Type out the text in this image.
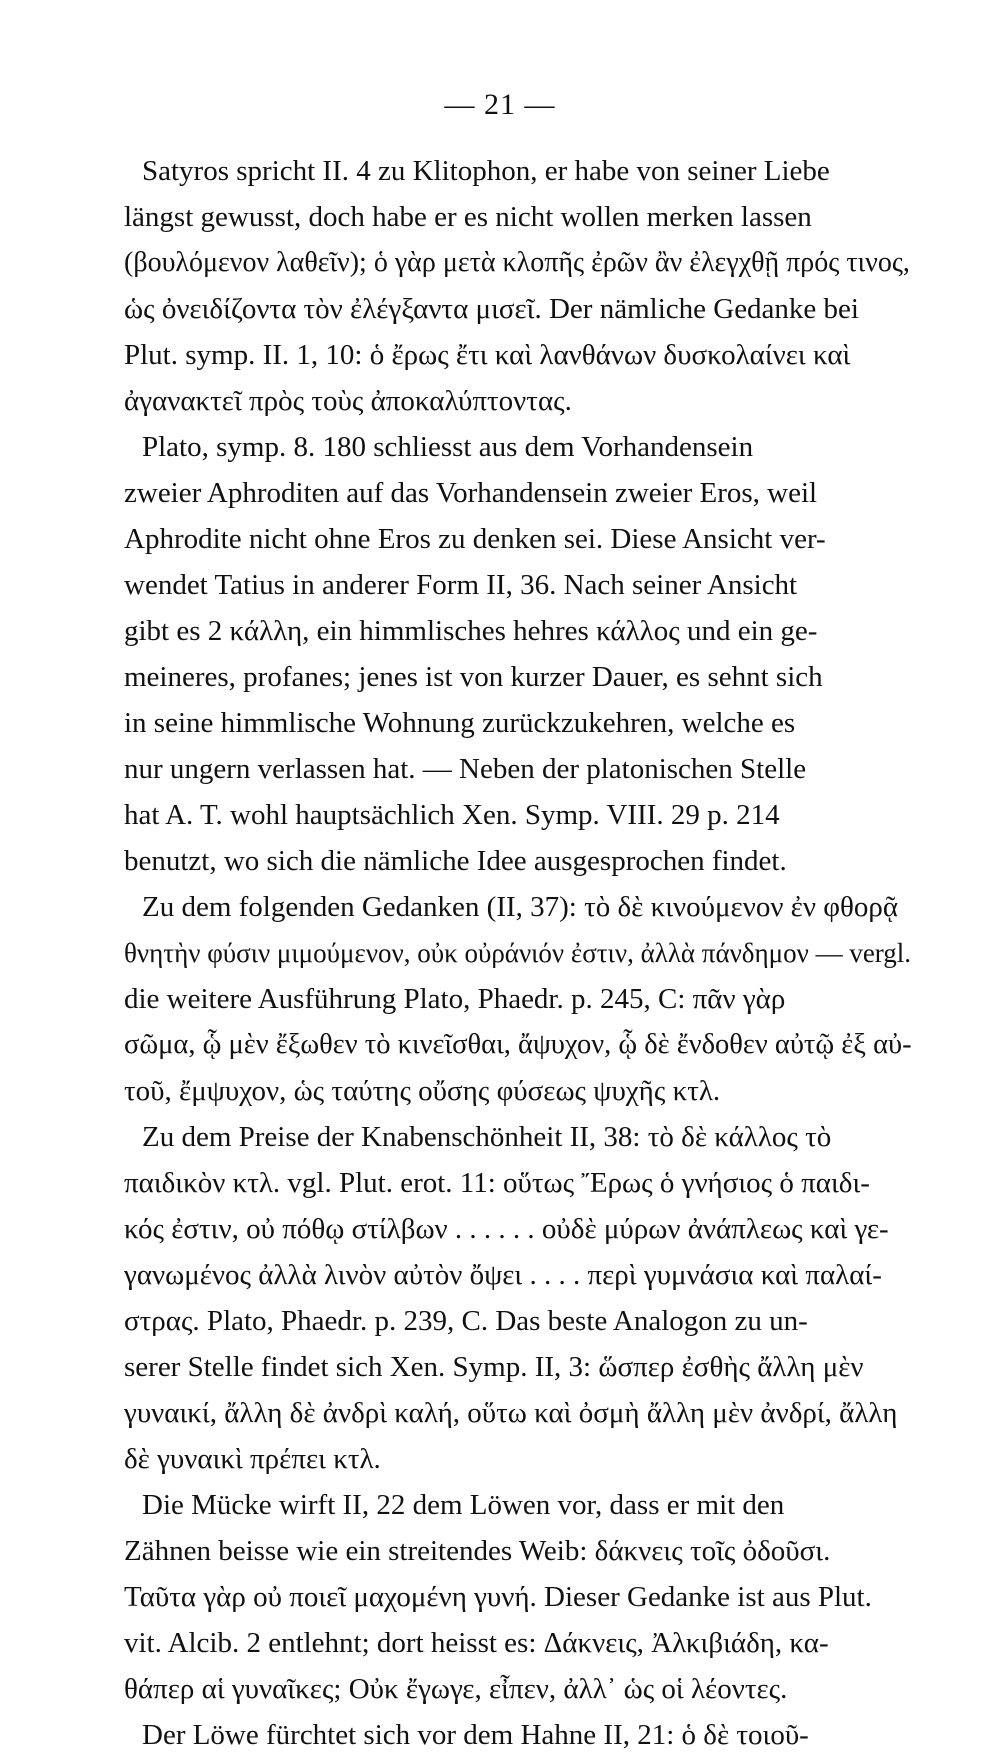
— 21 —
Satyros spricht II. 4 zu Klitophon, er habe von seiner Liebe
längst gewusst, doch habe er es nicht wollen merken lassen
(βουλόμενον λαθεῖν); ὁ γὰρ μετὰ κλοπῆς ἐρῶν ἂν ἐλεγχθῇ πρός τινος,
ὡς ὀνειδίζοντα τὸν ἐλέγξαντα μισεῖ. Der nämliche Gedanke bei
Plut. symp. II. 1, 10: ὁ ἔρως ἔτι καὶ λανθάνων δυσκολαίνει καὶ
ἀγανακτεῖ πρὸς τοὺς ἀποκαλύπτοντας.
Plato, symp. 8. 180 schliesst aus dem Vorhandensein
zweier Aphroditen auf das Vorhandensein zweier Eros, weil
Aphrodite nicht ohne Eros zu denken sei. Diese Ansicht ver-
wendet Tatius in anderer Form II, 36. Nach seiner Ansicht
gibt es 2 κάλλη, ein himmlisches hehres κάλλος und ein ge-
meineres, profanes; jenes ist von kurzer Dauer, es sehnt sich
in seine himmlische Wohnung zurückzukehren, welche es
nur ungern verlassen hat. — Neben der platonischen Stelle
hat A. T. wohl hauptsächlich Xen. Symp. VIII. 29 p. 214
benutzt, wo sich die nämliche Idee ausgesprochen findet.
Zu dem folgenden Gedanken (II, 37): τὸ δὲ κινούμενον ἐν φθορᾷ
θνητὴν φύσιν μιμούμενον, οὐκ οὐράνιόν ἐστιν, ἀλλὰ πάνδημον — vergl.
die weitere Ausführung Plato, Phaedr. p. 245, C: πᾶν γὰρ
σῶμα, ᾧ μὲν ἔξωθεν τὸ κινεῖσθαι, ἄψυχον, ᾧ δὲ ἔνδοθεν αὐτῷ ἐξ αὐ-
τοῦ, ἔμψυχον, ὡς ταύτης οὔσης φύσεως ψυχῆς κτλ.
Zu dem Preise der Knabenschönheit II, 38: τὸ δὲ κάλλος τὸ
παιδικὸν κτλ. vgl. Plut. erot. 11: οὕτως Ἔρως ὁ γνήσιος ὁ παιδι-
κός ἐστιν, οὐ πόθῳ στίλβων . . . . . . οὐδὲ μύρων ἀνάπλεως καὶ γε-
γανωμένος ἀλλὰ λινὸν αὐτὸν ὄψει . . . . περὶ γυμνάσια καὶ παλαί-
στρας. Plato, Phaedr. p. 239, C. Das beste Analogon zu un-
serer Stelle findet sich Xen. Symp. II, 3: ὥσπερ ἐσθὴς ἄλλη μὲν
γυναικί, ἄλλη δὲ ἀνδρὶ καλή, οὕτω καὶ ὀσμὴ ἄλλη μὲν ἀνδρί, ἄλλη
δὲ γυναικὶ πρέπει κτλ.
Die Mücke wirft II, 22 dem Löwen vor, dass er mit den
Zähnen beisse wie ein streitendes Weib: δάκνεις τοῖς ὀδοῦσι.
Ταῦτα γὰρ οὐ ποιεῖ μαχομένη γυνή. Dieser Gedanke ist aus Plut.
vit. Alcib. 2 entlehnt; dort heisst es: Δάκνεις, Ἀλκιβιάδη, κα-
θάπερ αἱ γυναῖκες; Οὐκ ἔγωγε, εἶπεν, ἀλλ᾽ ὡς οἱ λέοντες.
Der Löwe fürchtet sich vor dem Hahne II, 21: ὁ δὲ τοιοῦ-
